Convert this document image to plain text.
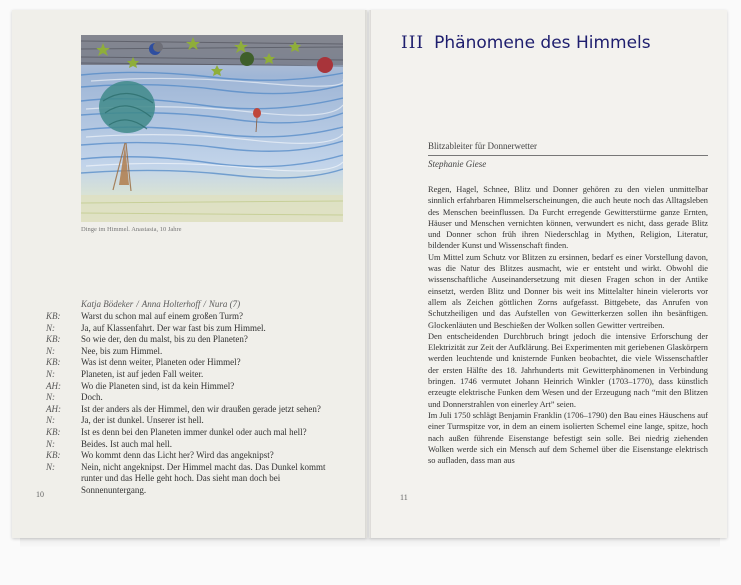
Dinge im Himmel. Anastasia, 10 Jahre
Katja Bödeker / Anna Holterhoff / Nura (7)
KB:	Warst du schon mal auf einem großen Turm?
N:	Ja, auf Klassenfahrt. Der war fast bis zum Himmel.
KB:	So wie der, den du malst, bis zu den Planeten?
N:	Nee, bis zum Himmel.
KB:	Was ist denn weiter, Planeten oder Himmel?
N:	Planeten, ist auf jeden Fall weiter.
AH:	Wo die Planeten sind, ist da kein Himmel?
N:	Doch.
AH:	Ist der anders als der Himmel, den wir draußen gerade jetzt sehen?
N:	Ja, der ist dunkel. Unserer ist hell.
KB:	Ist es denn bei den Planeten immer dunkel oder auch mal hell?
N:	Beides. Ist auch mal hell.
KB:	Wo kommt denn das Licht her? Wird das angeknipst?
N:	Nein, nicht angeknipst. Der Himmel macht das. Das Dunkel kommt runter und das Helle geht hoch. Das sieht man doch bei Sonnenuntergang.
10
III Phänomene des Himmels
Blitzableiter für Donnerwetter
Stephanie Giese

Regen, Hagel, Schnee, Blitz und Donner gehören zu den vielen unmittelbar sinnlich erfahrbaren Himmelserscheinungen, die auch heute noch das Alltagsleben des Menschen beeinflussen. Da Furcht erregende Gewitterstürme ganze Ernten, Häuser und Menschen vernichten können, verwundert es nicht, dass gerade Blitz und Donner schon früh ihren Niederschlag in Mythen, Religion, Literatur, bildender Kunst und Wissenschaft finden.

Um Mittel zum Schutz vor Blitzen zu ersinnen, bedarf es einer Vorstellung davon, was die Natur des Blitzes ausmacht, wie er entsteht und wirkt. Obwohl die wissenschaftliche Auseinandersetzung mit diesen Fragen schon in der Antike einsetzt, werden Blitz und Donner bis weit ins Mittelalter hinein vielerorts vor allem als Zeichen göttlichen Zorns aufgefasst. Bittgebete, das Anrufen von Schutzheiligen und das Aufstellen von Gewitterkerzen sollen ihn besänftigen. Glockenläuten und Beschießen der Wolken sollen Gewitter vertreiben.

Den entscheidenden Durchbruch bringt jedoch die intensive Erforschung der Elektrizität zur Zeit der Aufklärung. Bei Experimenten mit geriebenen Glaskörpern werden leuchtende und knisternde Funken beobachtet, die viele Wissenschaftler der ersten Hälfte des 18. Jahrhunderts mit Gewitterphänomenen in Verbindung bringen. 1746 vermutet Johann Heinrich Winkler (1703–1770), dass künstlich erzeugte elektrische Funken dem Wesen und der Erzeugung nach “mit den Blitzen und Donnerstrahlen von einerley Art” seien.

Im Juli 1750 schlägt Benjamin Franklin (1706–1790) den Bau eines Häuschens auf einer Turmspitze vor, in dem an einem isolierten Schemel eine lange, spitze, hoch nach außen führende Eisenstange befestigt sein solle. Bei niedrig ziehenden Wolken werde sich ein Mensch auf dem Schemel über die Eisenstange elektrisch so aufladen, dass man aus

11
